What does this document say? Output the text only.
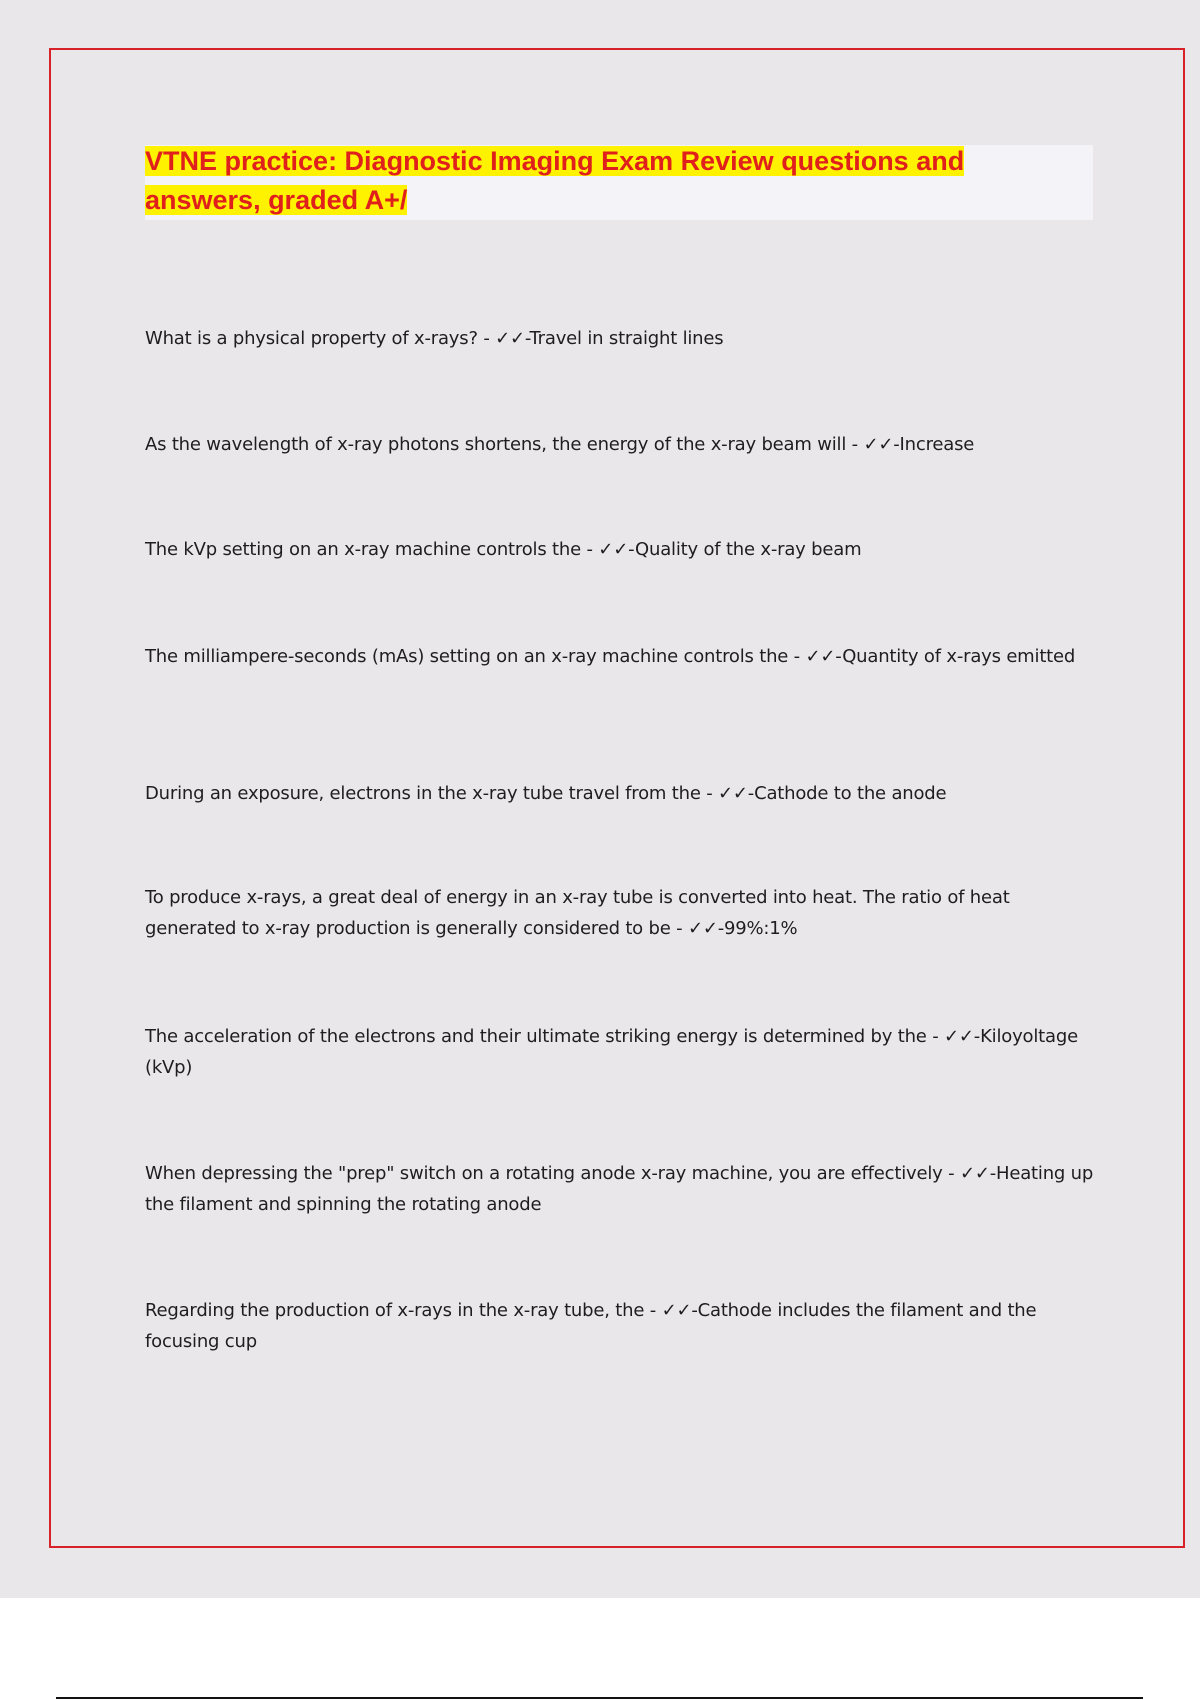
VTNE practice: Diagnostic Imaging Exam Review questions and answers, graded A+/

What is a physical property of x-rays? - ✓✓-Travel in straight lines

As the wavelength of x-ray photons shortens, the energy of the x-ray beam will - ✓✓-Increase

The kVp setting on an x-ray machine controls the - ✓✓-Quality of the x-ray beam

The milliampere-seconds (mAs) setting on an x-ray machine controls the - ✓✓-Quantity of x-rays emitted

During an exposure, electrons in the x-ray tube travel from the - ✓✓-Cathode to the anode

To produce x-rays, a great deal of energy in an x-ray tube is converted into heat. The ratio of heat generated to x-ray production is generally considered to be - ✓✓-99%:1%

The acceleration of the electrons and their ultimate striking energy is determined by the - ✓✓-Kiloyoltage (kVp)

When depressing the "prep" switch on a rotating anode x-ray machine, you are effectively - ✓✓-Heating up the filament and spinning the rotating anode

Regarding the production of x-rays in the x-ray tube, the - ✓✓-Cathode includes the filament and the focusing cup
